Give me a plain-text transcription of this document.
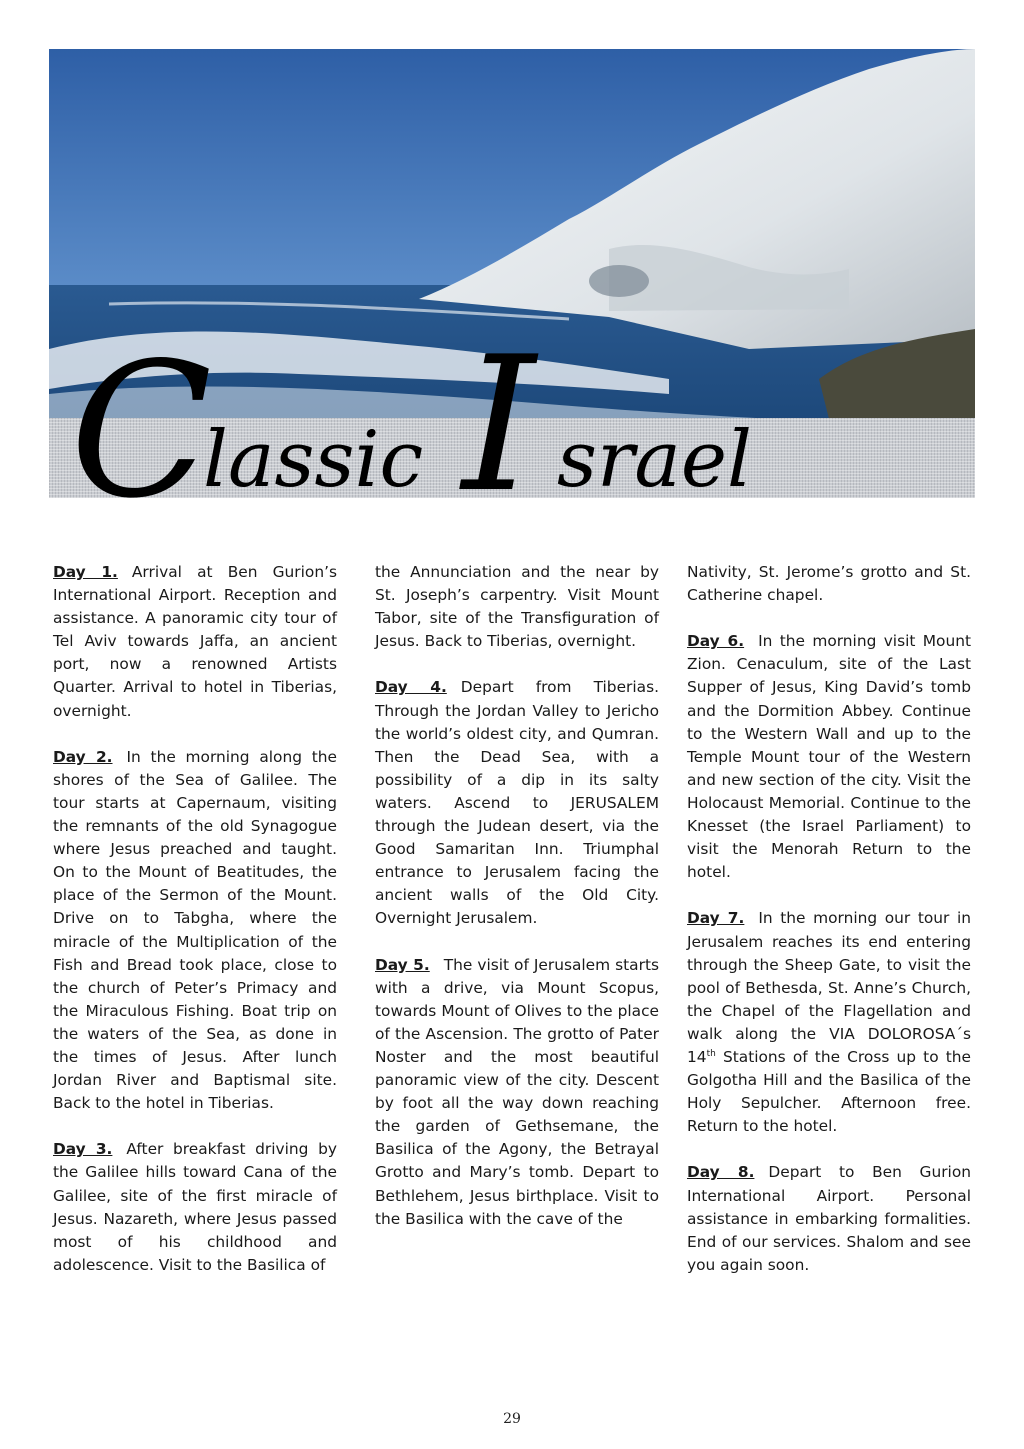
C
lassic I srael

Day 1. Arrival at Ben Gurion’s International Airport. Reception and assistance. A panoramic city tour of Tel Aviv towards Jaffa, an ancient port, now a renowned Artists Quarter. Arrival to hotel in Tiberias, overnight.

Day 2. In the morning along the shores of the Sea of Galilee. The tour starts at Capernaum, visiting the remnants of the old Synagogue where Jesus preached and taught. On to the Mount of Beatitudes, the place of the Sermon of the Mount. Drive on to Tabgha, where the miracle of the Multiplication of the Fish and Bread took place, close to the church of Peter’s Primacy and the Miraculous Fishing. Boat trip on the waters of the Sea, as done in the times of Jesus. After lunch Jordan River and Baptismal site. Back to the hotel in Tiberias.

Day 3. After breakfast driving by the Galilee hills toward Cana of the Galilee, site of the first miracle of Jesus. Nazareth, where Jesus passed most of his childhood and adolescence. Visit to the Basilica of

the Annunciation and the near by St. Joseph’s carpentry. Visit Mount Tabor, site of the Transfiguration of Jesus. Back to Tiberias, overnight.

Day 4. Depart from Tiberias. Through the Jordan Valley to Jericho the world’s oldest city, and Qumran. Then the Dead Sea, with a possibility of a dip in its salty waters. Ascend to JERUSALEM through the Judean desert, via the Good Samaritan Inn. Triumphal entrance to Jerusalem facing the ancient walls of the Old City. Overnight Jerusalem.

Day 5. The visit of Jerusalem starts with a drive, via Mount Scopus, towards Mount of Olives to the place of the Ascension. The grotto of Pater Noster and the most beautiful panoramic view of the city. Descent by foot all the way down reaching the garden of Gethsemane, the Basilica of the Agony, the Betrayal Grotto and Mary’s tomb. Depart to Bethlehem, Jesus birthplace. Visit to the Basilica with the cave of the

Nativity, St. Jerome’s grotto and St. Catherine chapel.

Day 6. In the morning visit Mount Zion. Cenaculum, site of the Last Supper of Jesus, King David’s tomb and the Dormition Abbey. Continue to the Western Wall and up to the Temple Mount tour of the Western and new section of the city. Visit the Holocaust Memorial. Continue to the Knesset (the Israel Parliament) to visit the Menorah Return to the hotel.

Day 7. In the morning our tour in Jerusalem reaches its end entering through the Sheep Gate, to visit the pool of Bethesda, St. Anne’s Church, the Chapel of the Flagellation and walk along the VIA DOLOROSA´s 14th Stations of the Cross up to the Golgotha Hill and the Basilica of the Holy Sepulcher. Afternoon free. Return to the hotel.

Day 8. Depart to Ben Gurion International Airport. Personal assistance in embarking formalities. End of our services. Shalom and see you again soon.

29
